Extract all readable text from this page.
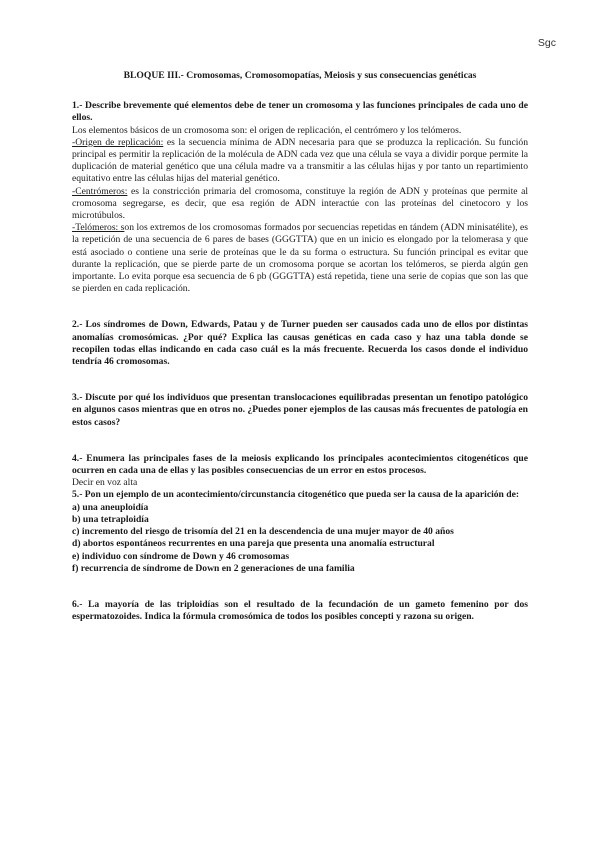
Sgc
BLOQUE III.- Cromosomas, Cromosomopatías, Meiosis y sus consecuencias genéticas

1.- Describe brevemente qué elementos debe de tener un cromosoma y las funciones principales de cada uno de ellos.

Los elementos básicos de un cromosoma son: el origen de replicación, el centrómero y los telómeros.

-Origen de replicación: es la secuencia mínima de ADN necesaria para que se produzca la replicación. Su función principal es permitir la replicación de la molécula de ADN cada vez que una célula se vaya a dividir porque permite la duplicación de material genético que una célula madre va a transmitir a las células hijas y por tanto un repartimiento equitativo entre las células hijas del material genético.

-Centrómeros: es la constricción primaria del cromosoma, constituye la región de ADN y proteínas que permite al cromosoma segregarse, es decir, que esa región de ADN interactúe con las proteínas del cinetocoro y los microtúbulos.

-Telómeros: son los extremos de los cromosomas formados por secuencias repetidas en tándem (ADN minisatélite), es la repetición de una secuencia de 6 pares de bases (GGGTTA) que en un inicio es elongado por la telomerasa y que está asociado o contiene una serie de proteínas que le da su forma o estructura. Su función principal es evitar que durante la replicación, que se pierde parte de un cromosoma porque se acortan los telómeros, se pierda algún gen importante. Lo evita porque esa secuencia de 6 pb (GGGTTA) está repetida, tiene una serie de copias que son las que se pierden en cada replicación.

2.- Los síndromes de Down, Edwards, Patau y de Turner pueden ser causados cada uno de ellos por distintas anomalías cromosómicas. ¿Por qué? Explica las causas genéticas en cada caso y haz una tabla donde se recopilen todas ellas indicando en cada caso cuál es la más frecuente. Recuerda los casos donde el individuo tendría 46 cromosomas.

3.- Discute por qué los individuos que presentan translocaciones equilibradas presentan un fenotipo patológico en algunos casos mientras que en otros no. ¿Puedes poner ejemplos de las causas más frecuentes de patología en estos casos?

4.- Enumera las principales fases de la meiosis explicando los principales acontecimientos citogenéticos que ocurren en cada una de ellas y las posibles consecuencias de un error en estos procesos.

Decir en voz alta

5.- Pon un ejemplo de un acontecimiento/circunstancia citogenético que pueda ser la causa de la aparición de:

a) una aneuploidía
b) una tetraploidía
c) incremento del riesgo de trisomía del 21 en la descendencia de una mujer mayor de 40 años
d) abortos espontáneos recurrentes en una pareja que presenta una anomalía estructural
e) individuo con síndrome de Down y 46 cromosomas
f) recurrencia de síndrome de Down en 2 generaciones de una familia

6.- La mayoría de las triploidías son el resultado de la fecundación de un gameto femenino por dos espermatozoides. Indica la fórmula cromosómica de todos los posibles concepti y razona su origen.
